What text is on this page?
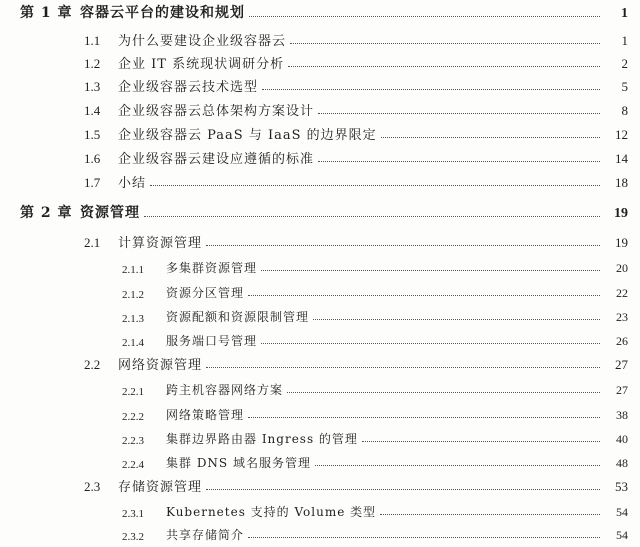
第 1 章 容器云平台的建设和规划	1
1.1	为什么要建设企业级容器云	1
1.2	企业 IT 系统现状调研分析	2
1.3	企业级容器云技术选型	5
1.4	企业级容器云总体架构方案设计	8
1.5	企业级容器云 PaaS 与 IaaS 的边界限定	12
1.6	企业级容器云建设应遵循的标准	14
1.7	小结	18
第 2 章 资源管理	19
2.1	计算资源管理	19
2.1.1	多集群资源管理	20
2.1.2	资源分区管理	22
2.1.3	资源配额和资源限制管理	23
2.1.4	服务端口号管理	26
2.2	网络资源管理	27
2.2.1	跨主机容器网络方案	27
2.2.2	网络策略管理	38
2.2.3	集群边界路由器 Ingress 的管理	40
2.2.4	集群 DNS 域名服务管理	48
2.3	存储资源管理	53
2.3.1	Kubernetes 支持的 Volume 类型	54
2.3.2	共享存储简介	54
